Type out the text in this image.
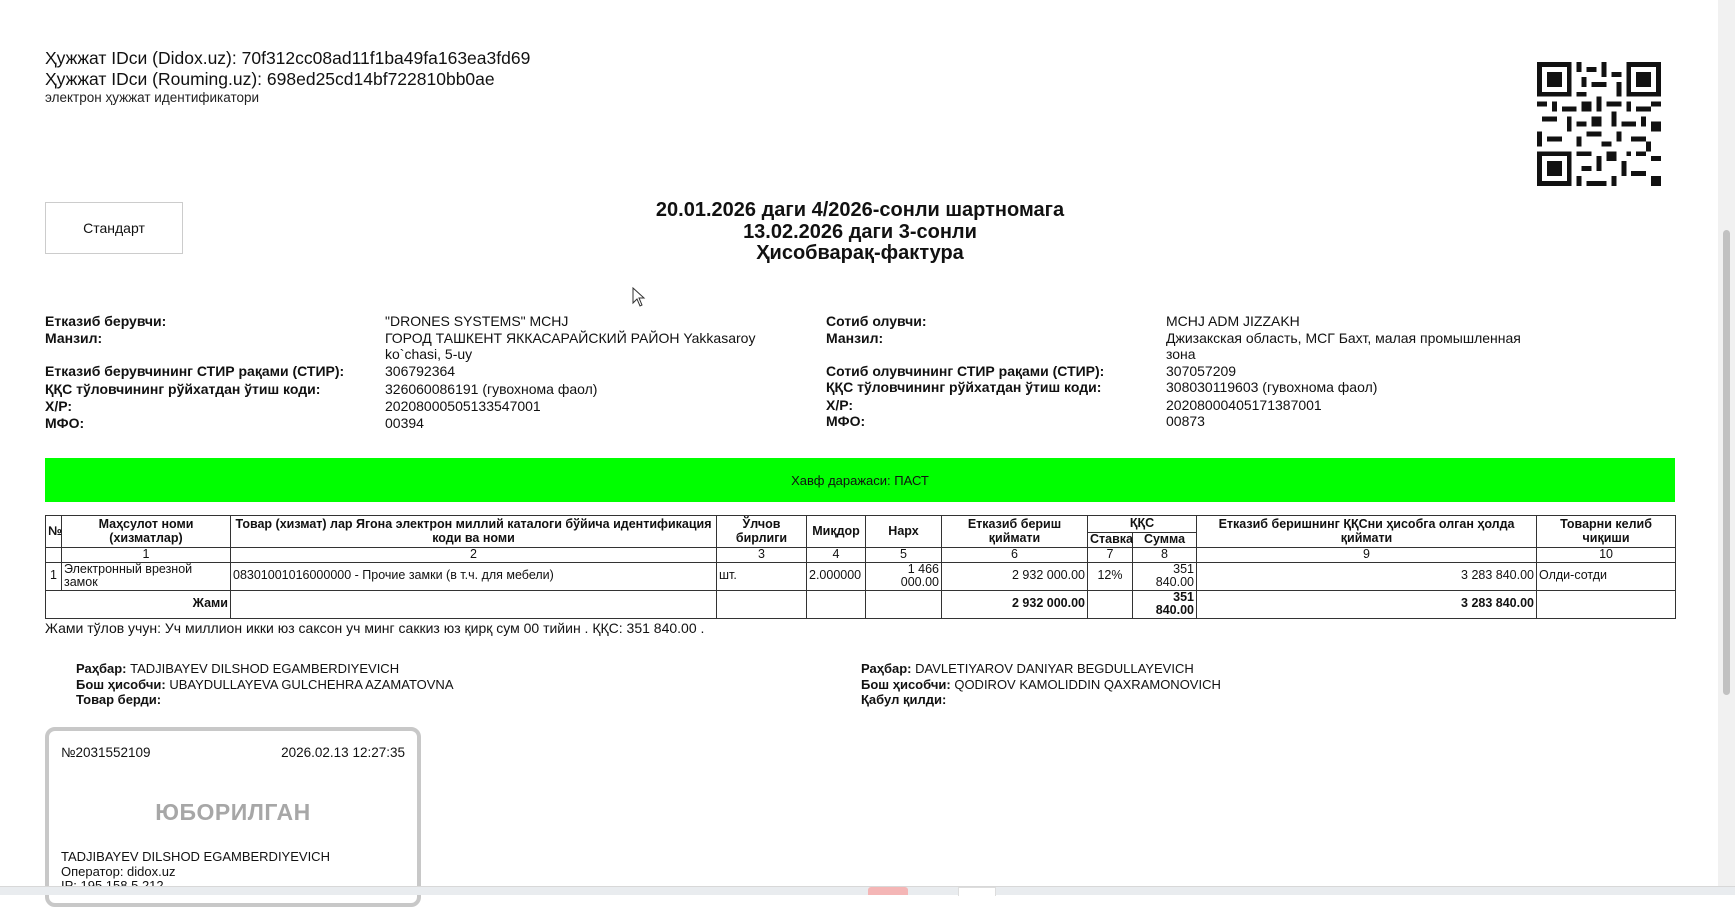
Ҳужжат IDси (Didox.uz): 70f312cc08ad11f1ba49fa163ea3fd69
Ҳужжат IDси (Rouming.uz): 698ed25cd14bf722810bb0ae
электрон ҳужжат идентификатори
Стандарт
20.01.2026 даги 4/2026-сонли шартномага
13.02.2026 даги 3-сонли
Ҳисобварақ-фактура
Етказиб берувчи:	"DRONES SYSTEMS" MCHJ
Манзил:	ГОРОД ТАШКЕНТ ЯККАСАРАЙСКИЙ РАЙОН Yakkasaroy
ko`chasi, 5-uy
Етказиб берувчининг СТИР рақами (СТИР):	306792364
ҚҚС тўловчининг рўйхатдан ўтиш коди:	326060086191 (гувохнома фаол)
Х/Р:	20208000505133547001
МФО:	00394
Сотиб олувчи:	MCHJ ADM JIZZAKH
Манзил:	Джизакская область, МСГ Бахт, малая промышленная
зона
Сотиб олувчининг СТИР рақами (СТИР):	307057209
ҚҚС тўловчининг рўйхатдан ўтиш коди:	308030119603 (гувохнома фаол)
Х/Р:	20208000405171387001
МФО:	00873
Хавф даражаси: ПАСТ
№	Маҳсулот номи (хизматлар)	Товар (хизмат) лар Ягона электрон миллий каталоги бўйича идентификация коди ва номи	Ўлчов бирлиги	Миқдор	Нарх	Етказиб бериш қиймати	ҚҚС		Етказиб беришнинг ҚҚСни ҳисобга олган ҳолда қиймати	Товарни келиб чиқиши
							Ставка	Сумма		
	1	2	3	4	5	6	7	8	9	10
1	Электронный врезной замок	08301001016000000 - Прочие замки (в т.ч. для мебели)	шт.	2.000000	1 466 000.00	2 932 000.00	12%	351 840.00	3 283 840.00	Олди-сотди
Жами						2 932 000.00		351 840.00	3 283 840.00	
Жами тўлов учун: Уч миллион икки юз саксон уч минг саккиз юз қирқ сум 00 тийин . ҚҚС: 351 840.00 .
Раҳбар: TADJIBAYEV DILSHOD EGAMBERDIYEVICH
Бош ҳисобчи: UBAYDULLAYEVA GULCHEHRA AZAMATOVNA
Товар берди:
Раҳбар: DAVLETIYAROV DANIYAR BEGDULLAYEVICH
Бош ҳисобчи: QODIROV KAMOLIDDIN QAXRAMONOVICH
Қабул қилди:
№2031552109	2026.02.13 12:27:35
ЮБОРИЛГАН
TADJIBAYEV DILSHOD EGAMBERDIYEVICH
Оператор: didox.uz
